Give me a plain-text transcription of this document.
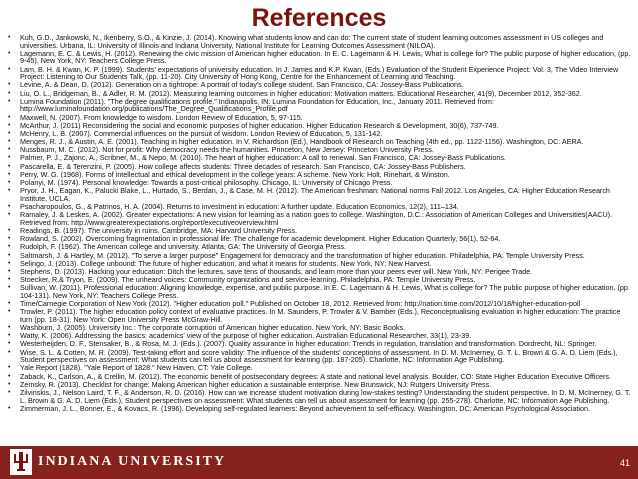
References
• Kuh, G.D., Jankowski, N., Ikenberry, S.O., & Kinzie, J. (2014). Knowing what students know and can do: The current state of student learning outcomes assessment in US colleges and universities. Urbana, IL: University of Illinois and Indiana University, National Institute for Learning Outcomes Assessment (NILOA).
• Lagemann, E. C. & Lewis, H. (2012). Renewing the civic mission of American higher education. In E. C. Lagemann & H. Lewis, What is college for? The public purpose of higher education, (pp. 9-45). New York, NY: Teachers College Press.
• Lam, B. H. & Kwan, K. P. (1999). Students' expectations of university education. In J. James and K.P. Kwan, (Eds.) Evaluation of the Student Experience Project: Vol. 3, The Video Interview Project: Listening to Our Students Talk, (pp. 11-20). City University of Hong Kong, Centre for the Enhancement of Learning and Teaching.
• Levine, A. & Dean, D. (2012). Generation on a tightrope: A portrait of today's college student. San Francisco, CA: Jossey-Bass Publications.
• Liu, O. L., Bridgeman, B., & Adler, R. M. (2012). Measuring learning outcomes in higher education: Motivation matters. Educational Researcher, 41(9), December 2012, 352-362.
• Lumina Foundation (2011). "The degree qualifications profile." Indianapolis, IN: Lumina Foundation for Education, Inc., January 2011. Retrieved from: http://www.luminafoundation.org/publications/The_Degree_Qualifications_Profile.pdf
• Maxwell, N. (2007). From knowledge to wisdom. London Review of Education, 5, 97-115.
• McArthur, J. (2011) Reconsidering the social and economic purposes of higher education. Higher Education Research & Development, 30(6), 737-749.
• McHenry, L. B. (2007). Commercial influences on the pursuit of wisdom. London Review of Education, 5, 131-142.
• Menges, R. J., & Austin, A. E. (2001). Teaching in higher education. In V. Richardson (Ed.), Handbook of Research on Teaching (4th ed., pp. 1122-1156). Washington, DC: AERA.
• Nussbaum, M. C. (2012). Not for profit: Why democracy needs the humanities. Princeton, New Jersey: Princeton University Press.
• Palmer, P. J., Zajonc, A., Scribner, M., & Nepo, M. (2010). The heart of higher education: A call to renewal. San Francisco, CA: Jossey-Bass Publications.
• Pascarella, E. & Terenzini, P. (2005). How college affects students: Three decades of research. San Francisco, CA: Jossey-Bass Publishers.
• Perry, W. G. (1968). Forms of intellectual and ethical development in the college years: A scheme. New York: Holt, Rinehart, & Winston.
• Polanyi, M. (1974). Personal knowledge: Towards a post-critical philosophy. Chicago, IL: University of Chicago Press.
• Pryor, J. H., Eagan, K., Palucki Blake, L., Hurtado, S., Berdan, J., & Case, M. H. (2012). The American freshman: National norms Fall 2012. Los Angeles, CA: Higher Education Research Institute, UCLA.
• Psacharopoulos, G., & Patrinos, H. A. (2004). Returns to investment in education: A further update. Education Economics, 12(2), 111–134.
• Ramaley, J. & Leskes, A. (2002). Greater expectations: A new vision for learning as a nation goes to college. Washington, D.C.: Association of American Colleges and Universities(AACU). Retrieved from: http://www.greaterexpectations.org/report/executiveoverview.html
• Readings, B. (1997). The university in ruins. Cambridge, MA: Harvard University Press.
• Rowland, S. (2002). Overcoming fragmentation in professional life: The challenge for academic development. Higher Education Quarterly, 56(1), 52-64.
• Rudolph, F. (1962). The American college and university. Atlanta, GA: The University of Georgia Press.
• Saltmarsh, J. & Hartley, M. (2012). "To serve a larger purpose" Engagement for democracy and the transformation of higher education. Philadelphia, PA: Temple University Press.
• Selingo, J. (2013). College unbound: The future of higher education, and what it means for students. New York, NY: New Harvest.
• Stephens, D. (2013). Hacking your education: Ditch the lectures, save tens of thousands, and learn more than your peers ever will. New York, NY: Perigee Trade.
• Stoecker, R.& Tryon, E. (2009). The unheard voices: Community organizations and service-learning. Philadelphia, PA: Temple University Press.
• Sullivan, W. (2011). Professional education: Aligning knowledge, expertise, and public purpose. In E. C. Lagemann & H. Lewis, What is college for? The public purpose of higher education, (pp. 104-131). New York, NY: Teachers College Press.
• Time/Carnegie Corporation of New York (2012). "Higher education poll." Published on October 18, 2012. Retrieved from: http://nation.time.com/2012/10/18/higher-education-poll
• Trowler, P. (2011). The higher education policy context of evaluative practices. In M. Saunders, P. Trowler & V. Bamber (Eds.), Reconceptualising evaluation in higher education: The practice turn (pp. 18-31). New York: Open University Press McGraw-Hill.
• Washburn, J. (2005). University Inc.: The corporate corruption of American higher education. New York, NY: Basic Books.
• Watty, K. (2006). Addressing the basics: academics' view of the purpose of higher education. Australian Educational Researcher, 33(1), 23-39.
• Westerheijden, D. F., Stensaker, B., & Rosa, M. J. (Eds.). (2007). Quality assurance in higher education: Trends in regulation, translation and transformation. Dordrecht, NL: Springer.
• Wise, S. L. & Cotten, M. R. (2009). Test-taking effort and score validity: The influence of the students' conceptions of assessment. In D. M. McInerney, G. T. L. Brown & G. A. D. Liem (Eds.), Student perspectives on assessment: What students can tell us about assessment for learning (pp. 187-205). Charlotte, NC: Information Age Publishing.
• Yale Report (1828). "Yale Report of 1828." New Haven, CT: Yale College.
• Zaback, K., Carlson, A., & Crellin, M. (2012). The economic benefit of postsecondary degrees: A state and national level analysis. Boulder, CO: State Higher Education Executive Officers.
• Zemsky, R. (2013). Checklist for change: Making American higher education a sustainable enterprise. New Brunswick, NJ: Rutgers University Press.
• Zilvinskis, J., Nelson Laird, T. F., & Anderson, R. D. (2016). How can we increase student motivation during low-stakes testing? Understanding the student perspective. In D. M. McInerney, G. T. L. Brown & G. A. D. Liem (Eds.), Student perspectives on assessment: What students can tell us about assessment for learning (pp. 255-278). Charlotte, NC: Information Age Publishing.
• Zimmerman, J. L., Bonner, E., & Kovacs, R. (1996). Developing self-regulated learners: Beyond achievement to self-efficacy. Washington, DC: American Psychological Association.
INDIANA UNIVERSITY	41
